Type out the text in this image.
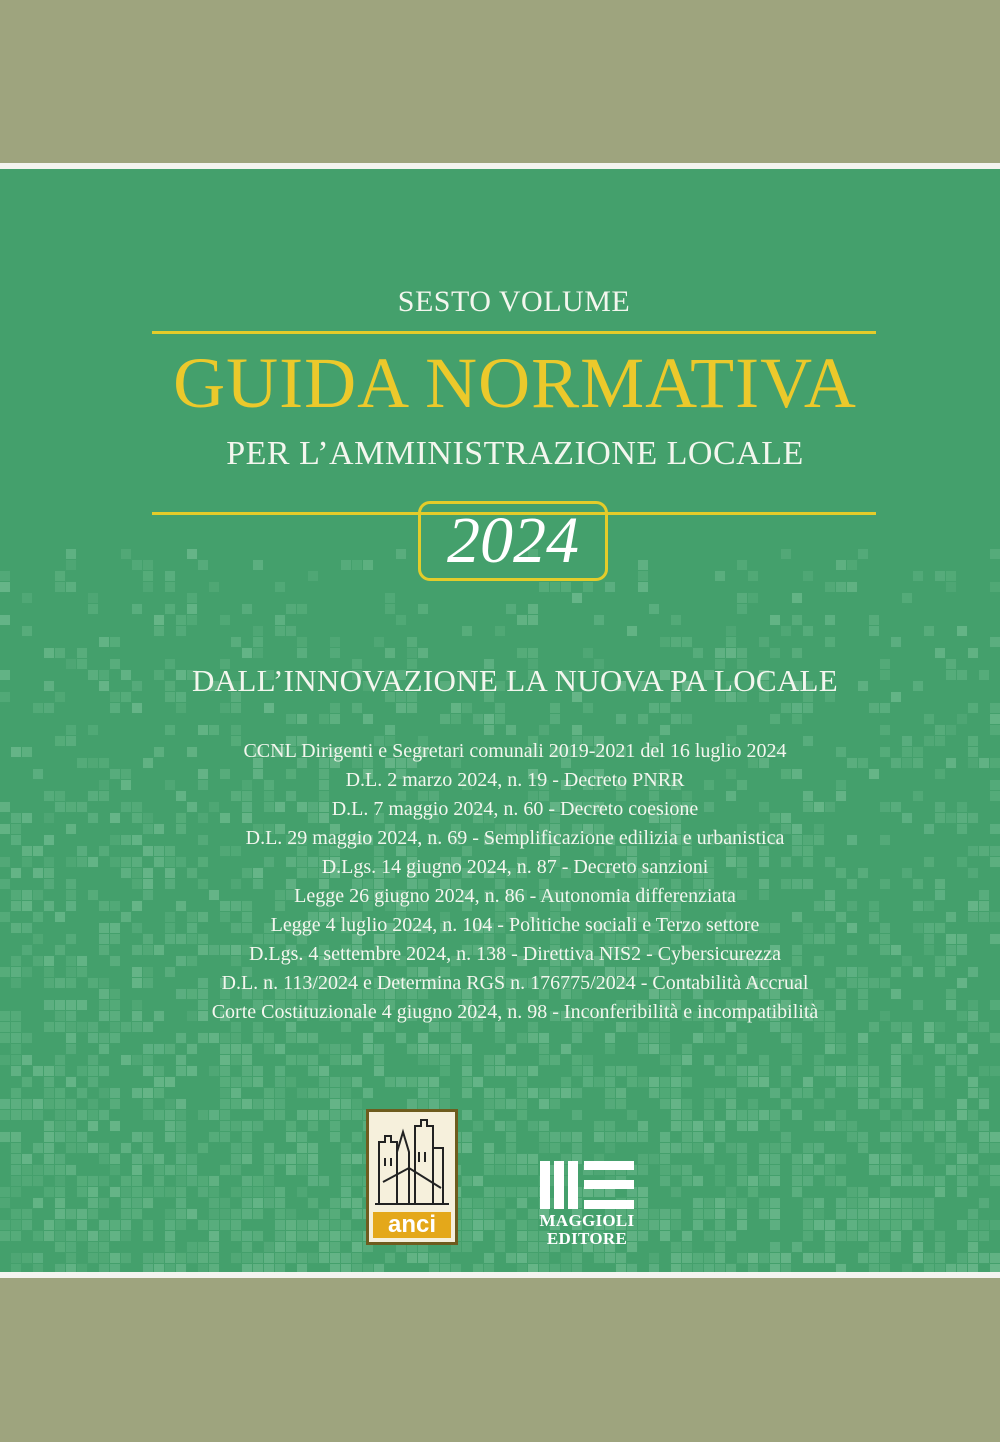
SESTO VOLUME
GUIDA NORMATIVA
PER L’AMMINISTRAZIONE LOCALE
2024
DALL’INNOVAZIONE LA NUOVA PA LOCALE
CCNL Dirigenti e Segretari comunali 2019-2021 del 16 luglio 2024
D.L. 2 marzo 2024, n. 19 - Decreto PNRR
D.L. 7 maggio 2024, n. 60 - Decreto coesione
D.L. 29 maggio 2024, n. 69 - Semplificazione edilizia e urbanistica
D.Lgs. 14 giugno 2024, n. 87 - Decreto sanzioni
Legge 26 giugno 2024, n. 86 - Autonomia differenziata
Legge 4 luglio 2024, n. 104 - Politiche sociali e Terzo settore
D.Lgs. 4 settembre 2024, n. 138 - Direttiva NIS2 - Cybersicurezza
D.L. n. 113/2024 e Determina RGS n. 176775/2024 - Contabilità Accrual
Corte Costituzionale 4 giugno 2024, n. 98 - Inconferibilità e incompatibilità
anci	MAGGIOLI
EDITORE
